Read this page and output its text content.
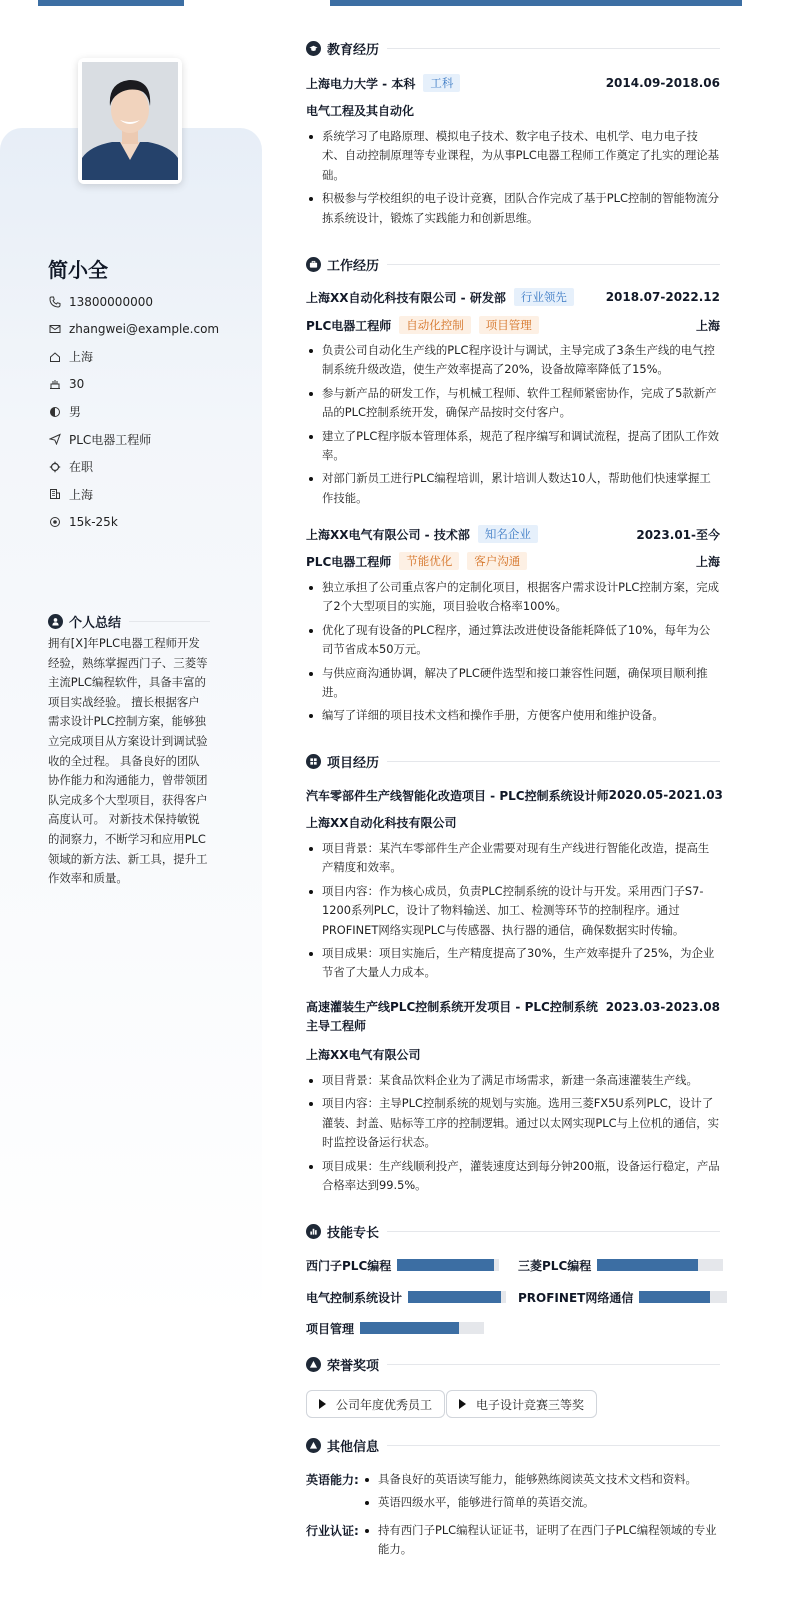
简小全
13800000000
zhangwei@example.com
上海
30
男
PLC电器工程师
在职
上海
15k-25k
个人总结
拥有[X]年PLC电器工程师开发经验，熟练掌握西门子、三菱等主流PLC编程软件，具备丰富的项目实战经验。 擅长根据客户需求设计PLC控制方案，能够独立完成项目从方案设计到调试验收的全过程。 具备良好的团队协作能力和沟通能力，曾带领团队完成多个大型项目，获得客户高度认可。 对新技术保持敏锐的洞察力，不断学习和应用PLC领域的新方法、新工具，提升工作效率和质量。
教育经历
上海电力大学 - 本科	工科	2014.09-2018.06
电气工程及其自动化
系统学习了电路原理、模拟电子技术、数字电子技术、电机学、电力电子技术、自动控制原理等专业课程，为从事PLC电器工程师工作奠定了扎实的理论基础。
积极参与学校组织的电子设计竞赛，团队合作完成了基于PLC控制的智能物流分拣系统设计，锻炼了实践能力和创新思维。
工作经历
上海XX自动化科技有限公司 - 研发部	行业领先	2018.07-2022.12
PLC电器工程师	自动化控制	项目管理	上海
负责公司自动化生产线的PLC程序设计与调试，主导完成了3条生产线的电气控制系统升级改造，使生产效率提高了20%，设备故障率降低了15%。
参与新产品的研发工作，与机械工程师、软件工程师紧密协作，完成了5款新产品的PLC控制系统开发，确保产品按时交付客户。
建立了PLC程序版本管理体系，规范了程序编写和调试流程，提高了团队工作效率。
对部门新员工进行PLC编程培训，累计培训人数达10人，帮助他们快速掌握工作技能。
上海XX电气有限公司 - 技术部	知名企业	2023.01-至今
PLC电器工程师	节能优化	客户沟通	上海
独立承担了公司重点客户的定制化项目，根据客户需求设计PLC控制方案，完成了2个大型项目的实施，项目验收合格率100%。
优化了现有设备的PLC程序，通过算法改进使设备能耗降低了10%，每年为公司节省成本50万元。
与供应商沟通协调，解决了PLC硬件选型和接口兼容性问题，确保项目顺利推进。
编写了详细的项目技术文档和操作手册，方便客户使用和维护设备。
项目经历
汽车零部件生产线智能化改造项目 - PLC控制系统设计师 2020.05-2021.03
上海XX自动化科技有限公司
项目背景：某汽车零部件生产企业需要对现有生产线进行智能化改造，提高生产精度和效率。
项目内容：作为核心成员，负责PLC控制系统的设计与开发。采用西门子S7-1200系列PLC，设计了物料输送、加工、检测等环节的控制程序。通过PROFINET网络实现PLC与传感器、执行器的通信，确保数据实时传输。
项目成果：项目实施后，生产精度提高了30%，生产效率提升了25%，为企业节省了大量人力成本。
高速灌装生产线PLC控制系统开发项目 - PLC控制系统主导工程师
2023.03-2023.08
上海XX电气有限公司
项目背景：某食品饮料企业为了满足市场需求，新建一条高速灌装生产线。
项目内容：主导PLC控制系统的规划与实施。选用三菱FX5U系列PLC，设计了灌装、封盖、贴标等工序的控制逻辑。通过以太网实现PLC与上位机的通信，实时监控设备运行状态。
项目成果：生产线顺利投产，灌装速度达到每分钟200瓶，设备运行稳定，产品合格率达到99.5%。
技能专长
西门子PLC编程	三菱PLC编程
电气控制系统设计	PROFINET网络通信
项目管理
荣誉奖项
公司年度优秀员工	电子设计竞赛三等奖
其他信息
英语能力:	具备良好的英语读写能力，能够熟练阅读英文技术文档和资料。
英语四级水平，能够进行简单的英语交流。
行业认证:	持有西门子PLC编程认证证书，证明了在西门子PLC编程领域的专业能力。
